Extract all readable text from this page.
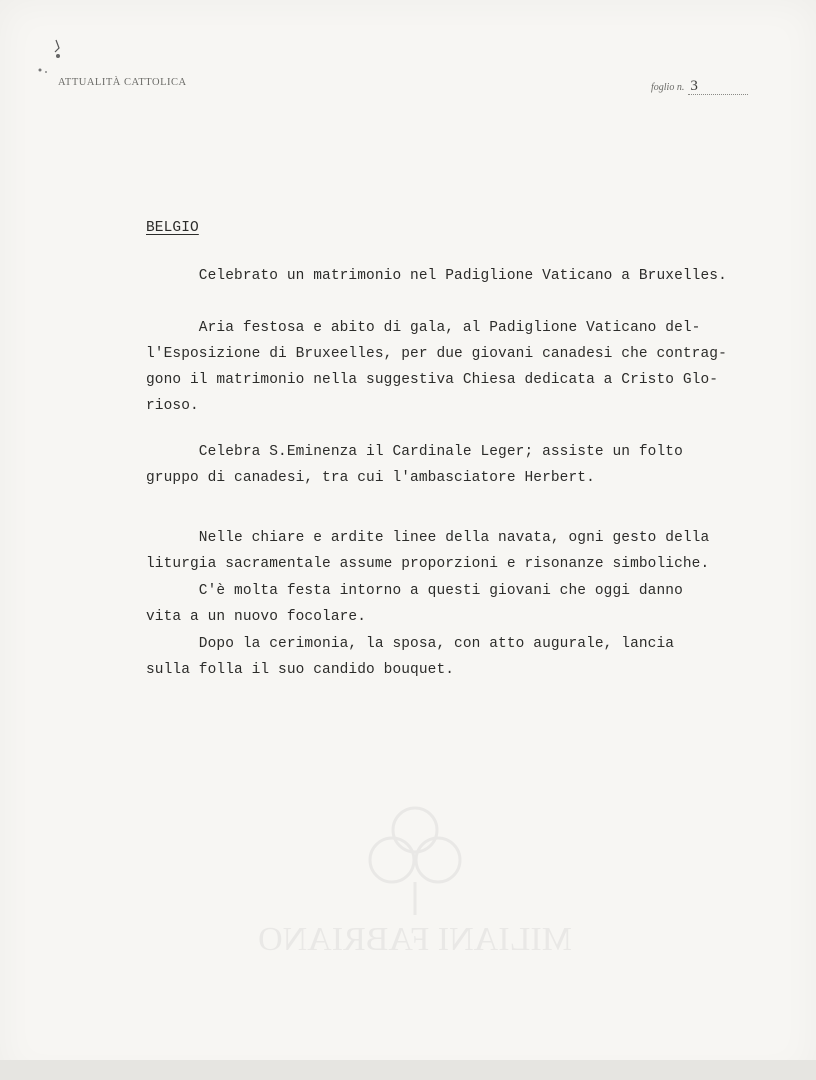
ATTUALITÀ CATTOLICA	foglio n. 3
BELGIO
Celebrato un matrimonio nel Padiglione Vaticano a Bruxelles.
Aria festosa e abito di gala, al Padiglione Vaticano del-
l'Esposizione di Bruxeelles, per due giovani canadesi che contrag-
gono il matrimonio nella suggestiva Chiesa dedicata a Cristo Glo-
rioso.
Celebra S.Eminenza il Cardinale Leger; assiste un folto
gruppo di canadesi, tra cui l'ambasciatore Herbert.
Nelle chiare e ardite linee della navata, ogni gesto della
liturgia sacramentale assume proporzioni e risonanze simboliche.
C'è molta festa intorno a questi giovani che oggi danno
vita a un nuovo focolare.
Dopo la cerimonia, la sposa, con atto augurale, lancia
sulla folla il suo candido bouquet.
MILIANI FABRIANO
